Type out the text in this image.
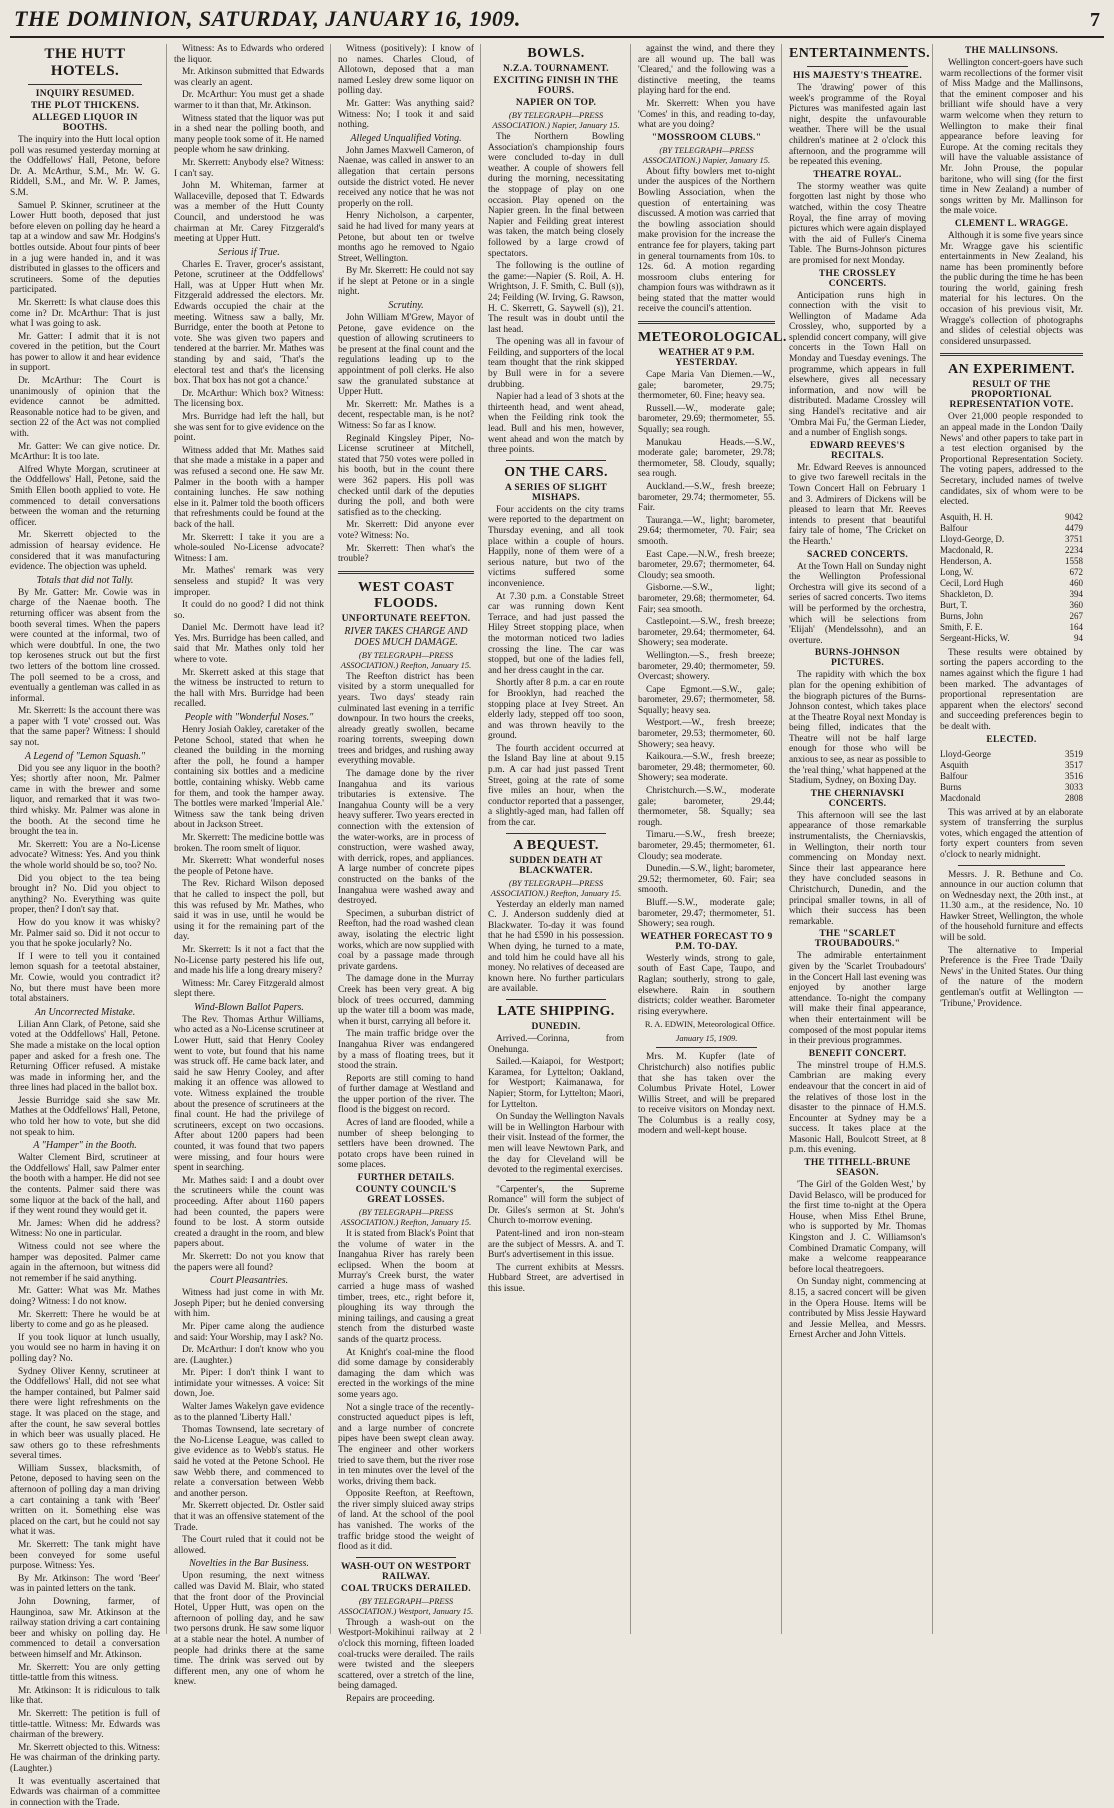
THE DOMINION, SATURDAY, JANUARY 16, 1909.	7
THE HUTT HOTELS.
INQUIRY RESUMED.
THE PLOT THICKENS.
ALLEGED LIQUOR IN BOOTHS.

The inquiry into the Hutt local option poll was resumed yesterday morning at the Oddfellows' Hall, Petone, before Dr. A. McArthur, S.M., Mr. W. G. Riddell, S.M., and Mr. W. P. James, S.M.

Samuel P. Skinner, scrutineer at the Lower Hutt booth, deposed that just before eleven on polling day he heard a tap at a window and saw Mr. Hodgins's bottles outside. About four pints of beer in a jug were handed in, and it was distributed in glasses to the officers and scrutineers. Some of the deputies participated.

Mr. Skerrett: Is what clause does this come in? Dr. McArthur: That is just what I was going to ask.

Mr. Gatter: I admit that it is not covered in the petition, but the Court has power to allow it and hear evidence in support.

Dr. McArthur: The Court is unanimously of opinion that the evidence cannot be admitted. Reasonable notice had to be given, and section 22 of the Act was not complied with.

Mr. Gatter: We can give notice. Dr. McArthur: It is too late.

Alfred Whyte Morgan, scrutineer at the Oddfellows' Hall, Petone, said the Smith Ellen booth applied to vote. He commenced to detail conversations between the woman and the returning officer.

Mr. Skerrett objected to the admission of hearsay evidence. He considered that it was manufacturing evidence. The objection was upheld.

Totals that did not Tally.

By Mr. Gatter: Mr. Cowie was in charge of the Naenae booth. The returning officer was absent from the booth several times. When the papers were counted at the informal, two of which were doubtful. In one, the two top kerosenes struck out but the first two letters of the bottom line crossed. The poll seemed to be a cross, and eventually a gentleman was called in as informal.

Mr. Skerrett: Is the account there was a paper with 'I vote' crossed out. Was that the same paper? Witness: I should say not.

A Legend of "Lemon Squash."

Did you see any liquor in the booth? Yes; shortly after noon, Mr. Palmer came in with the brewer and some liquor, and remarked that it was two-third whisky. Mr. Palmer was alone in the booth. At the second time he brought the tea in.

Mr. Skerrett: You are a No-License advocate? Witness: Yes. And you think the whole world should be so, too? No.

Did you object to the tea being brought in? No. Did you object to anything? No. Everything was quite proper, then? I don't say that.

How do you know it was whisky? Mr. Palmer said so. Did it not occur to you that he spoke jocularly? No.

If I were to tell you it contained lemon squash for a teetotal abstainer, Mr. Cowie, would you contradict it? No, but there must have been more total abstainers.

An Uncorrected Mistake.

Lilian Ann Clark, of Petone, said she voted at the Oddfellows' Hall, Petone. She made a mistake on the local option paper and asked for a fresh one. The Returning Officer refused. A mistake was made in informing her, and the three lines had placed in the ballot box.

Jessie Burridge said she saw Mr. Mathes at the Oddfellows' Hall, Petone, who told her how to vote, but she did not speak to him.

A "Hamper" in the Booth.

Walter Clement Bird, scrutineer at the Oddfellows' Hall, saw Palmer enter the booth with a hamper. He did not see the contents. Palmer said there was some liquor at the back of the hall, and if they went round they would get it.

Mr. James: When did he address? Witness: No one in particular.

Witness could not see where the hamper was deposited. Palmer came again in the afternoon, but witness did not remember if he said anything.

Mr. Gatter: What was Mr. Mathes doing? Witness: I do not know.

Mr. Skerrett: There he would be at liberty to come and go as he pleased.

If you took liquor at lunch usually, you would see no harm in having it on polling day? No.

Sydney Oliver Kenny, scrutineer at the Oddfellows' Hall, did not see what the hamper contained, but Palmer said there were light refreshments on the stage. It was placed on the stage, and after the count, he saw several bottles in which beer was usually placed. He saw others go to these refreshments several times.

William Sussex, blacksmith, of Petone, deposed to having seen on the afternoon of polling day a man driving a cart containing a tank with 'Beer' written on it. Something else was placed on the cart, but he could not say what it was.

Mr. Skerrett: The tank might have been conveyed for some useful purpose. Witness: Yes.

By Mr. Atkinson: The word 'Beer' was in painted letters on the tank.

John Downing, farmer, of Haunginoa, saw Mr. Atkinson at the railway station driving a cart containing beer and whisky on polling day. He commenced to detail a conversation between himself and Mr. Atkinson.

Mr. Skerrett: You are only getting tittle-tattle from this witness.

Mr. Atkinson: It is ridiculous to talk like that.

Mr. Skerrett: The petition is full of tittle-tattle. Witness: Mr. Edwards was chairman of the brewery.

Mr. Skerrett objected to this. Witness: He was chairman of the drinking party. (Laughter.)

It was eventually ascertained that Edwards was chairman of a committee in connection with the Trade.

Witness: As to Edwards who ordered the liquor.

Mr. Atkinson submitted that Edwards was clearly an agent.

Dr. McArthur: You must get a shade warmer to it than that, Mr. Atkinson.

Witness stated that the liquor was put in a shed near the polling booth, and many people took some of it. He named people whom he saw drinking.

Mr. Skerrett: Anybody else? Witness: I can't say.

John M. Whiteman, farmer at Wallaceville, deposed that T. Edwards was a member of the Hutt County Council, and understood he was chairman at Mr. Carey Fitzgerald's meeting at Upper Hutt.

Serious if True.

Charles E. Traver, grocer's assistant, Petone, scrutineer at the Oddfellows' Hall, was at Upper Hutt when Mr. Fitzgerald addressed the electors. Mr. Edwards occupied the chair at the meeting. Witness saw a bally, Mr. Burridge, enter the booth at Petone to vote. She was given two papers and tendered at the barrier. Mr. Mathes was standing by and said, 'That's the electoral test and that's the licensing box. That box has not got a chance.'

Dr. McArthur: Which box? Witness: The licensing box.

Mrs. Burridge had left the hall, but she was sent for to give evidence on the point.

Witness added that Mr. Mathes said that she made a mistake in a paper and was refused a second one. He saw Mr. Palmer in the booth with a hamper containing lunches. He saw nothing else in it. Palmer told the booth officers that refreshments could be found at the back of the hall.

Mr. Skerrett: I take it you are a whole-souled No-License advocate? Witness: I am.

Mr. Mathes' remark was very senseless and stupid? It was very improper.

It could do no good? I did not think so.

Daniel Mc. Dermott have lead it? Yes. Mrs. Burridge has been called, and said that Mr. Mathes only told her where to vote.

Mr. Skerrett asked at this stage that the witness be instructed to return to the hall with Mrs. Burridge had been recalled.

People with "Wonderful Noses."

Henry Josiah Oakley, caretaker of the Petone School, stated that when he cleaned the building in the morning after the poll, he found a hamper containing six bottles and a medicine bottle, containing whisky. Webb came for them, and took the hamper away. The bottles were marked 'Imperial Ale.' Witness saw the tank being driven about in Jackson Street.

Mr. Skerrett: The medicine bottle was broken. The room smelt of liquor.

Mr. Skerrett: What wonderful noses the people of Petone have.

The Rev. Richard Wilson deposed that he called to inspect the poll, but this was refused by Mr. Mathes, who said it was in use, until he would be using it for the remaining part of the day.

Mr. Skerrett: Is it not a fact that the No-License party pestered his life out, and made his life a long dreary misery?

Witness: Mr. Carey Fitzgerald almost slept there.

Wind-Blown Ballot Papers.

The Rev. Thomas Arthur Williams, who acted as a No-License scrutineer at Lower Hutt, said that Henry Cooley went to vote, but found that his name was struck off. He came back later, and said he saw Henry Cooley, and after making it an offence was allowed to vote. Witness explained the trouble about the presence of scrutineers at the final count. He had the privilege of scrutineers, except on two occasions. After about 1200 papers had been counted, it was found that two papers were missing, and four hours were spent in searching.

Mr. Mathes said: I and a doubt over the scrutineers while the count was proceeding. After about 1160 papers had been counted, the papers were found to be lost. A storm outside created a draught in the room, and blew papers about.

Mr. Skerrett: Do not you know that the papers were all found?

Court Pleasantries.

Witness had just come in with Mr. Joseph Piper; but he denied conversing with him.

Mr. Piper came along the audience and said: Your Worship, may I ask? No.

Dr. McArthur: I don't know who you are. (Laughter.)

Mr. Piper: I don't think I want to intimidate your witnesses. A voice: Sit down, Joe.

Walter James Wakelyn gave evidence as to the planned 'Liberty Hall.'

Thomas Townsend, late secretary of the No-License League, was called to give evidence as to Webb's status. He said he voted at the Petone School. He saw Webb there, and commenced to relate a conversation between Webb and another person.

Mr. Skerrett objected. Dr. Ostler said that it was an offensive statement of the Trade.

The Court ruled that it could not be allowed.

Novelties in the Bar Business.

Upon resuming, the next witness called was David M. Blair, who stated that the front door of the Provincial Hotel, Upper Hutt, was open on the afternoon of polling day, and he saw two persons drunk. He saw some liquor at a stable near the hotel. A number of people had drinks there at the same time. The drink was served out by different men, any one of whom he knew.

Witness (positively): I know of no names. Charles Cloud, of Allotown, deposed that a man named Lesley drew some liquor on polling day.

Mr. Gatter: Was anything said? Witness: No; I took it and said nothing.

Alleged Unqualified Voting.

John James Maxwell Cameron, of Naenae, was called in answer to an allegation that certain persons outside the district voted. He never received any notice that he was not properly on the roll.

Henry Nicholson, a carpenter, said he had lived for many years at Petone, but about ten or twelve months ago he removed to Ngaio Street, Wellington.

By Mr. Skerrett: He could not say if he slept at Petone or in a single night.

Scrutiny.

John William M'Grew, Mayor of Petone, gave evidence on the question of allowing scrutineers to be present at the final count and the regulations leading up to the appointment of poll clerks. He also saw the granulated substance at Upper Hutt.

Mr. Skerrett: Mr. Mathes is a decent, respectable man, is he not? Witness: So far as I know.

Reginald Kingsley Piper, No-License scrutineer at Mitchell, stated that 750 votes were polled in his booth, but in the count there were 362 papers. His poll was checked until dark of the deputies during the poll, and both were satisfied as to the checking.

Mr. Skerrett: Did anyone ever vote? Witness: No.

Mr. Skerrett: Then what's the trouble?

WEST COAST FLOODS.
UNFORTUNATE REEFTON.
RIVER TAKES CHARGE AND DOES MUCH DAMAGE.
(BY TELEGRAPH—PRESS ASSOCIATION.) Reefton, January 15.

The Reefton district has been visited by a storm unequalled for years. Two days' steady rain culminated last evening in a terrific downpour. In two hours the creeks, already greatly swollen, became roaring torrents, sweeping down trees and bridges, and rushing away everything movable.

The damage done by the river Inangahua and its various tributaries is extensive. The Inangahua County will be a very heavy sufferer. Two years erected in connection with the extension of the water-works, are in process of construction, were washed away, with derrick, ropes, and appliances. A large number of concrete pipes constructed on the banks of the Inangahua were washed away and destroyed.

Specimen, a suburban district of Reefton, had the road washed clean away, isolating the electric light works, which are now supplied with coal by a passage made through private gardens.

The damage done in the Murray Creek has been very great. A big block of trees occurred, damming up the water till a boom was made, when it burst, carrying all before it.

The main traffic bridge over the Inangahua River was endangered by a mass of floating trees, but it stood the strain.

Reports are still coming to hand of further damage at Westland and the upper portion of the river. The flood is the biggest on record.

Acres of land are flooded, while a number of sheep belonging to settlers have been drowned. The potato crops have been ruined in some places.

FURTHER DETAILS.
COUNTY COUNCIL'S GREAT LOSSES.
(BY TELEGRAPH—PRESS ASSOCIATION.) Reefton, January 15.

It is stated from Black's Point that the volume of water in the Inangahua River has rarely been eclipsed. When the boom at Murray's Creek burst, the water carried a huge mass of washed timber, trees, etc., right before it, ploughing its way through the mining tailings, and causing a great stench from the disturbed waste sands of the quartz process.

At Knight's coal-mine the flood did some damage by considerably damaging the dam which was erected in the workings of the mine some years ago.

Not a single trace of the recently-constructed aqueduct pipes is left, and a large number of concrete pipes have been swept clean away. The engineer and other workers tried to save them, but the river rose in ten minutes over the level of the works, driving them back.

Opposite Reefton, at Reeftown, the river simply sluiced away strips of land. At the school of the pool has vanished. The works of the traffic bridge stood the weight of flood as it did.

WASH-OUT ON WESTPORT RAILWAY.
COAL TRUCKS DERAILED.
(BY TELEGRAPH—PRESS ASSOCIATION.) Westport, January 15.

Through a wash-out on the Westport-Mokihinui railway at 2 o'clock this morning, fifteen loaded coal-trucks were derailed. The rails were twisted and the sleepers scattered, over a stretch of the line, being damaged.

Repairs are proceeding.

BOWLS.
N.Z.A. TOURNAMENT.
EXCITING FINISH IN THE FOURS.
NAPIER ON TOP.
(BY TELEGRAPH—PRESS ASSOCIATION.) Napier, January 15.

The Northern Bowling Association's championship fours were concluded to-day in dull weather. A couple of showers fell during the morning, necessitating the stoppage of play on one occasion. Play opened on the Napier green. In the final between Napier and Feilding great interest was taken, the match being closely followed by a large crowd of spectators.

The following is the outline of the game:—Napier (S. Roil, A. H. Wrightson, J. F. Smith, C. Bull (s)), 24; Feilding (W. Irving, G. Rawson, H. C. Skerrett, G. Saywell (s)), 21. The result was in doubt until the last head.

The opening was all in favour of Feilding, and supporters of the local team thought that the rink skipped by Bull were in for a severe drubbing.

Napier had a lead of 3 shots at the thirteenth head, and went ahead, when the Feilding rink took the lead. Bull and his men, however, went ahead and won the match by three points.

ON THE CARS.
A SERIES OF SLIGHT MISHAPS.

Four accidents on the city trams were reported to the department on Thursday evening, and all took place within a couple of hours. Happily, none of them were of a serious nature, but two of the victims suffered some inconvenience.

At 7.30 p.m. a Constable Street car was running down Kent Terrace, and had just passed the Hiley Street stopping place, when the motorman noticed two ladies crossing the line. The car was stopped, but one of the ladies fell, and her dress caught in the car.

Shortly after 8 p.m. a car en route for Brooklyn, had reached the stopping place at Ivey Street. An elderly lady, stepped off too soon, and was thrown heavily to the ground.

The fourth accident occurred at the Island Bay line at about 9.15 p.m. A car had just passed Trent Street, going at the rate of some five miles an hour, when the conductor reported that a passenger, a slightly-aged man, had fallen off from the car.

A BEQUEST.
SUDDEN DEATH AT BLACKWATER.
(BY TELEGRAPH—PRESS ASSOCIATION.) Reefton, January 15.

Yesterday an elderly man named C. J. Anderson suddenly died at Blackwater. To-day it was found that he had £590 in his possession. When dying, he turned to a mate, and told him he could have all his money. No relatives of deceased are known here. No further particulars are available.

LATE SHIPPING.
DUNEDIN.

Arrived.—Corinna, from Onehunga.

Sailed.—Kaiapoi, for Westport; Karamea, for Lyttelton; Oakland, for Westport; Kaimanawa, for Napier; Storm, for Lyttelton; Maori, for Lyttelton.

On Sunday the Wellington Navals will be in Wellington Harbour with their visit. Instead of the former, the men will leave Newtown Park, and the day for Cleveland will be devoted to the regimental exercises.

"Carpenter's, the Supreme Romance" will form the subject of Dr. Giles's sermon at St. John's Church to-morrow evening.

Patent-lined and iron non-steam are the subject of Messrs. A. and T. Burt's advertisement in this issue.

The current exhibits at Messrs. Hubbard Street, are advertised in this issue.

against the wind, and there they are all wound up. The ball was 'Cleared,' and the following was a distinctive meeting, the teams playing hard for the end.

Mr. Skerrett: When you have 'Comes' in this, and reading to-day, what are you doing?

"MOSSROOM CLUBS."
(BY TELEGRAPH—PRESS ASSOCIATION.) Napier, January 15.

About fifty bowlers met to-night under the auspices of the Northern Bowling Association, when the question of entertaining was discussed. A motion was carried that the bowling association should make provision for the increase the entrance fee for players, taking part in general tournaments from 10s. to 12s. 6d. A motion regarding mossroom clubs entering for champion fours was withdrawn as it being stated that the matter would receive the council's attention.

METEOROLOGICAL.
WEATHER AT 9 P.M. YESTERDAY.

Cape Maria Van Diemen.—W., gale; barometer, 29.75; thermometer, 60. Fine; heavy sea.

Russell.—W., moderate gale; barometer, 29.69; thermometer, 55. Squally; sea rough.

Manukau Heads.—S.W., moderate gale; barometer, 29.78; thermometer, 58. Cloudy, squally; sea rough.

Auckland.—S.W., fresh breeze; barometer, 29.74; thermometer, 55. Fair.

Tauranga.—W., light; barometer, 29.64; thermometer, 70. Fair; sea smooth.

East Cape.—N.W., fresh breeze; barometer, 29.67; thermometer, 64. Cloudy; sea smooth.

Gisborne.—S.W., light; barometer, 29.68; thermometer, 64. Fair; sea smooth.

Castlepoint.—S.W., fresh breeze; barometer, 29.64; thermometer, 64. Showery; sea moderate.

Wellington.—S., fresh breeze; barometer, 29.40; thermometer, 59. Overcast; showery.

Cape Egmont.—S.W., gale; barometer, 29.67; thermometer, 58. Squally; heavy sea.

Westport.—W., fresh breeze; barometer, 29.53; thermometer, 60. Showery; sea heavy.

Kaikoura.—S.W., fresh breeze; barometer, 29.48; thermometer, 60. Showery; sea moderate.

Christchurch.—S.W., moderate gale; barometer, 29.44; thermometer, 58. Squally; sea rough.

Timaru.—S.W., fresh breeze; barometer, 29.45; thermometer, 61. Cloudy; sea moderate.

Dunedin.—S.W., light; barometer, 29.52; thermometer, 60. Fair; sea smooth.

Bluff.—S.W., moderate gale; barometer, 29.47; thermometer, 51. Showery; sea rough.

WEATHER FORECAST TO 9 P.M. TO-DAY.

Westerly winds, strong to gale, south of East Cape, Taupo, and Raglan; southerly, strong to gale, elsewhere. Rain in southern districts; colder weather. Barometer rising everywhere.

R. A. EDWIN, Meteorological Office.
January 15, 1909.

Mrs. M. Kupfer (late of Christchurch) also notifies public that she has taken over the Columbus Private Hotel, Lower Willis Street, and will be prepared to receive visitors on Monday next. The Columbus is a really cosy, modern and well-kept house.

ENTERTAINMENTS.
HIS MAJESTY'S THEATRE.

The 'drawing' power of this week's programme of the Royal Pictures was manifested again last night, despite the unfavourable weather. There will be the usual children's matinee at 2 o'clock this afternoon, and the programme will be repeated this evening.

THEATRE ROYAL.

The stormy weather was quite forgotten last night by those who watched, within the cosy Theatre Royal, the fine array of moving pictures which were again displayed with the aid of Fuller's Cinema Table. The Burns-Johnson pictures are promised for next Monday.

THE CROSSLEY CONCERTS.

Anticipation runs high in connection with the visit to Wellington of Madame Ada Crossley, who, supported by a splendid concert company, will give concerts in the Town Hall on Monday and Tuesday evenings. The programme, which appears in full elsewhere, gives all necessary information, and now will be distributed. Madame Crossley will sing Handel's recitative and air 'Ombra Mai Fu,' the German Lieder, and a number of English songs.

EDWARD REEVES'S RECITALS.

Mr. Edward Reeves is announced to give two farewell recitals in the Town Concert Hall on February 1 and 3. Admirers of Dickens will be pleased to learn that Mr. Reeves intends to present that beautiful fairy tale of home, 'The Cricket on the Hearth.'

SACRED CONCERTS.

At the Town Hall on Sunday night the Wellington Professional Orchestra will give its second of a series of sacred concerts. Two items will be performed by the orchestra, which will be selections from 'Elijah' (Mendelssohn), and an overture.

BURNS-JOHNSON PICTURES.

The rapidity with which the box plan for the opening exhibition of the biograph pictures of the Burns-Johnson contest, which takes place at the Theatre Royal next Monday is being filled, indicates that the Theatre will not be half large enough for those who will be anxious to see, as near as possible to the 'real thing,' what happened at the Stadium, Sydney, on Boxing Day.

THE CHERNIAVSKI CONCERTS.

This afternoon will see the last appearance of those remarkable instrumentalists, the Cherniavskis, in Wellington, their north tour commencing on Monday next. Since their last appearance here they have concluded seasons in Christchurch, Dunedin, and the principal smaller towns, in all of which their success has been remarkable.

THE "SCARLET TROUBADOURS."

The admirable entertainment given by the 'Scarlet Troubadours' in the Concert Hall last evening was enjoyed by another large attendance. To-night the company will make their final appearance, when their entertainment will be composed of the most popular items in their previous programmes.

BENEFIT CONCERT.

The minstrel troupe of H.M.S. Cambrian are making every endeavour that the concert in aid of the relatives of those lost in the disaster to the pinnace of H.M.S. Encounter at Sydney may be a success. It takes place at the Masonic Hall, Boulcott Street, at 8 p.m. this evening.

THE TITHELL-BRUNE SEASON.

'The Girl of the Golden West,' by David Belasco, will be produced for the first time to-night at the Opera House, when Miss Ethel Brune, who is supported by Mr. Thomas Kingston and J. C. Williamson's Combined Dramatic Company, will make a welcome reappearance before local theatregoers.

On Sunday night, commencing at 8.15, a sacred concert will be given in the Opera House. Items will be contributed by Miss Jessie Hayward and Jessie Mellea, and Messrs. Ernest Archer and John Vittels.

THE MALLINSONS.

Wellington concert-goers have such warm recollections of the former visit of Miss Madge and the Mallinsons, that the eminent composer and his brilliant wife should have a very warm welcome when they return to Wellington to make their final appearance before leaving for Europe. At the coming recitals they will have the valuable assistance of Mr. John Prouse, the popular baritone, who will sing (for the first time in New Zealand) a number of songs written by Mr. Mallinson for the male voice.

CLEMENT L. WRAGGE.

Although it is some five years since Mr. Wragge gave his scientific entertainments in New Zealand, his name has been prominently before the public during the time he has been touring the world, gaining fresh material for his lectures. On the occasion of his previous visit, Mr. Wragge's collection of photographs and slides of celestial objects was considered unsurpassed.

AN EXPERIMENT.
RESULT OF THE PROPORTIONAL REPRESENTATION VOTE.

Over 21,000 people responded to an appeal made in the London 'Daily News' and other papers to take part in a test election organised by the Proportional Representation Society. The voting papers, addressed to the Secretary, included names of twelve candidates, six of whom were to be elected.

Asquith, H. H.	9042
Balfour	4479
Lloyd-George, D.	3751
Macdonald, R.	2234
Henderson, A.	1558
Long, W.	672
Cecil, Lord Hugh	460
Shackleton, D.	394
Burt, T.	360
Burns, John	267
Smith, F. E.	164
Sergeant-Hicks, W.	94

These results were obtained by sorting the papers according to the names against which the figure 1 had been marked. The advantages of proportional representation are apparent when the electors' second and succeeding preferences begin to be dealt with.

ELECTED.
Lloyd-George	3519
Asquith	3517
Balfour	3516
Burns	3033
Macdonald	2808

This was arrived at by an elaborate system of transferring the surplus votes, which engaged the attention of forty expert counters from seven o'clock to nearly midnight.

Messrs. J. R. Bethune and Co. announce in our auction column that on Wednesday next, the 20th inst., at 11.30 a.m., at the residence, No. 10 Hawker Street, Wellington, the whole of the household furniture and effects will be sold.

The alternative to Imperial Preference is the Free Trade 'Daily News' in the United States. Our thing of the nature of the modern gentleman's outfit at Wellington — 'Tribune,' Providence.
